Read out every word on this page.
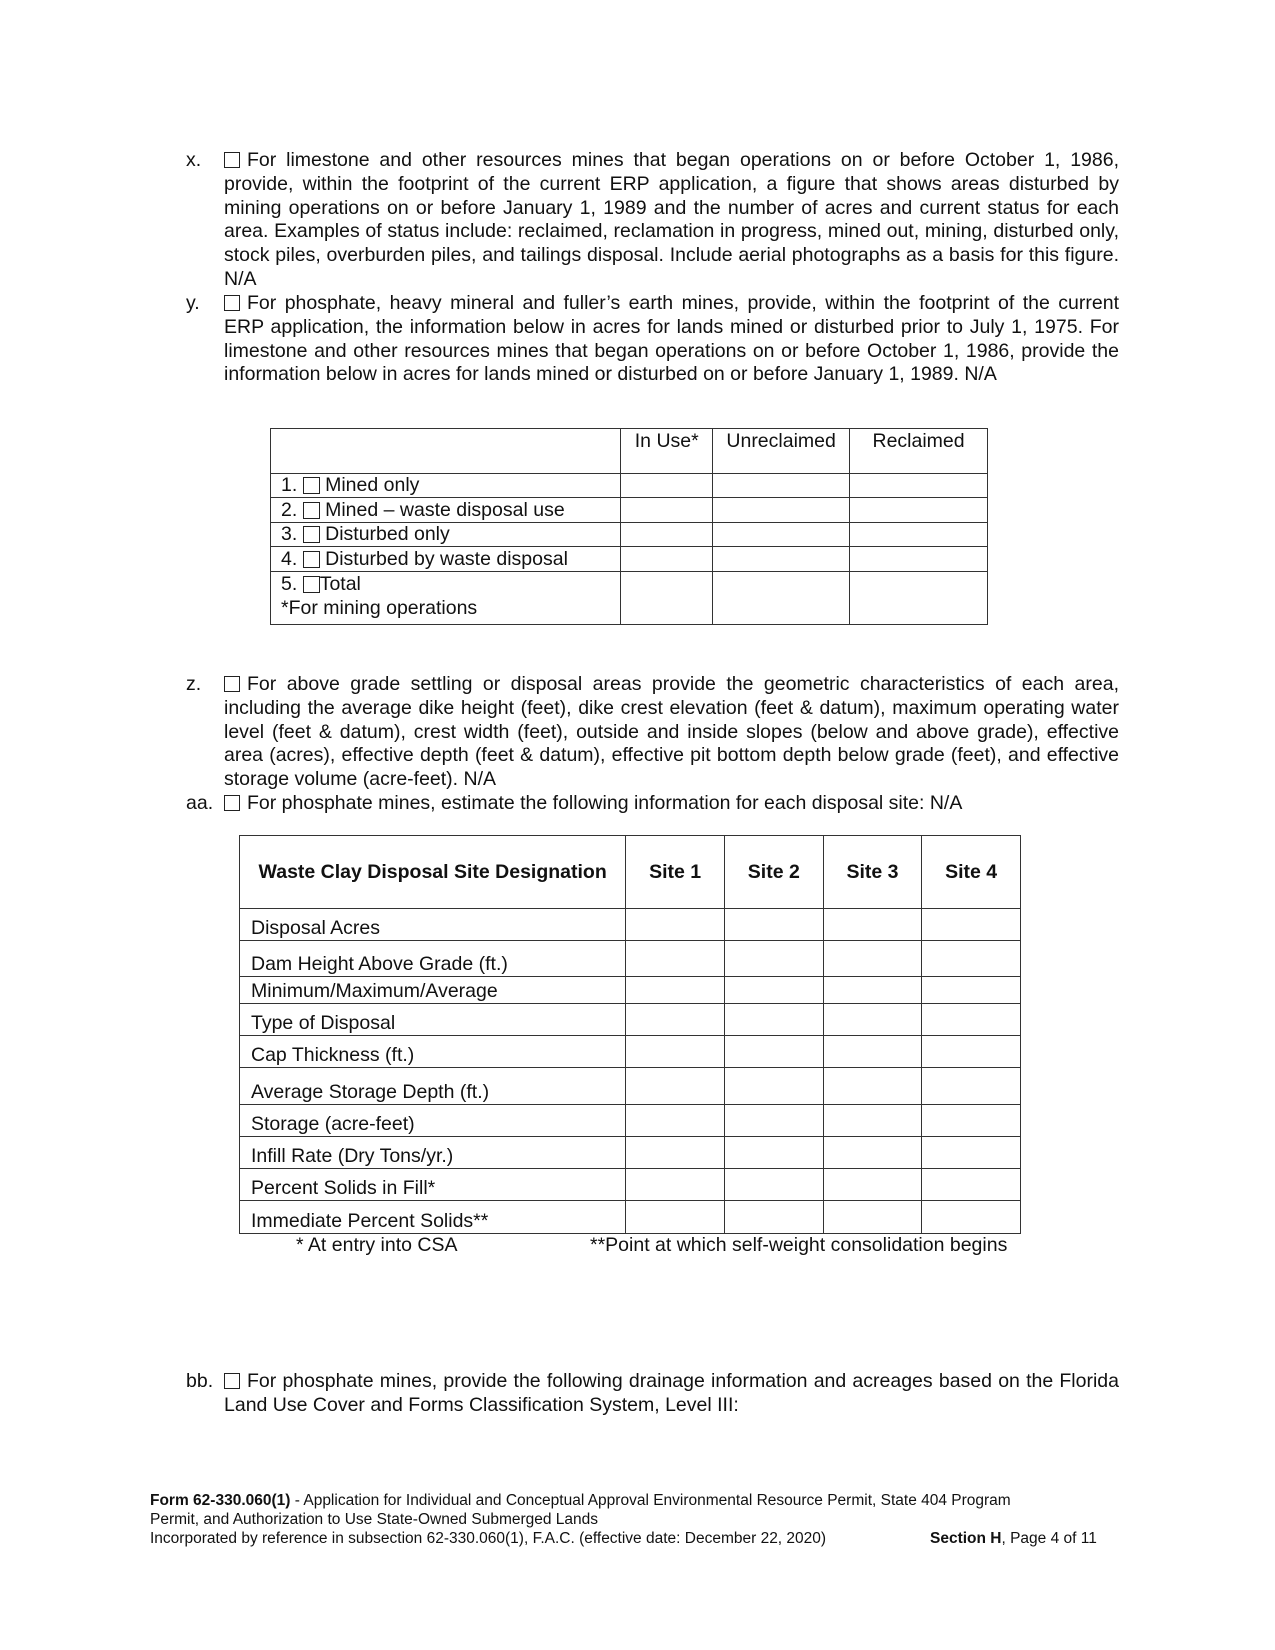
x.	For limestone and other resources mines that began operations on or before October 1, 1986, provide, within the footprint of the current ERP application, a figure that shows areas disturbed by mining operations on or before January 1, 1989 and the number of acres and current status for each area. Examples of status include: reclaimed, reclamation in progress, mined out, mining, disturbed only, stock piles, overburden piles, and tailings disposal. Include aerial photographs as a basis for this figure. N/A
y.	For phosphate, heavy mineral and fuller’s earth mines, provide, within the footprint of the current ERP application, the information below in acres for lands mined or disturbed prior to July 1, 1975. For limestone and other resources mines that began operations on or before October 1, 1986, provide the information below in acres for lands mined or disturbed on or before January 1, 1989. N/A
	In Use*	Unreclaimed	Reclaimed
1. Mined only			
2. Mined – waste disposal use			
3. Disturbed only			
4. Disturbed by waste disposal			
5. Total
*For mining operations			
z.	For above grade settling or disposal areas provide the geometric characteristics of each area, including the average dike height (feet), dike crest elevation (feet & datum), maximum operating water level (feet & datum), crest width (feet), outside and inside slopes (below and above grade), effective area (acres), effective depth (feet & datum), effective pit bottom depth below grade (feet), and effective storage volume (acre-feet). N/A
aa.	For phosphate mines, estimate the following information for each disposal site: N/A
Waste Clay Disposal Site Designation	Site 1	Site 2	Site 3	Site 4
Disposal Acres				
Dam Height Above Grade (ft.)				
Minimum/Maximum/Average				
Type of Disposal				
Cap Thickness (ft.)				
Average Storage Depth (ft.)				
Storage (acre-feet)				
Infill Rate (Dry Tons/yr.)				
Percent Solids in Fill*				
Immediate Percent Solids**				
* At entry into CSA	**Point at which self-weight consolidation begins
bb.	For phosphate mines, provide the following drainage information and acreages based on the Florida Land Use Cover and Forms Classification System, Level III:
Form 62-330.060(1) - Application for Individual and Conceptual Approval Environmental Resource Permit, State 404 Program
Permit, and Authorization to Use State-Owned Submerged Lands
Incorporated by reference in subsection 62-330.060(1), F.A.C. (effective date: December 22, 2020)	Section H, Page 4 of 11
